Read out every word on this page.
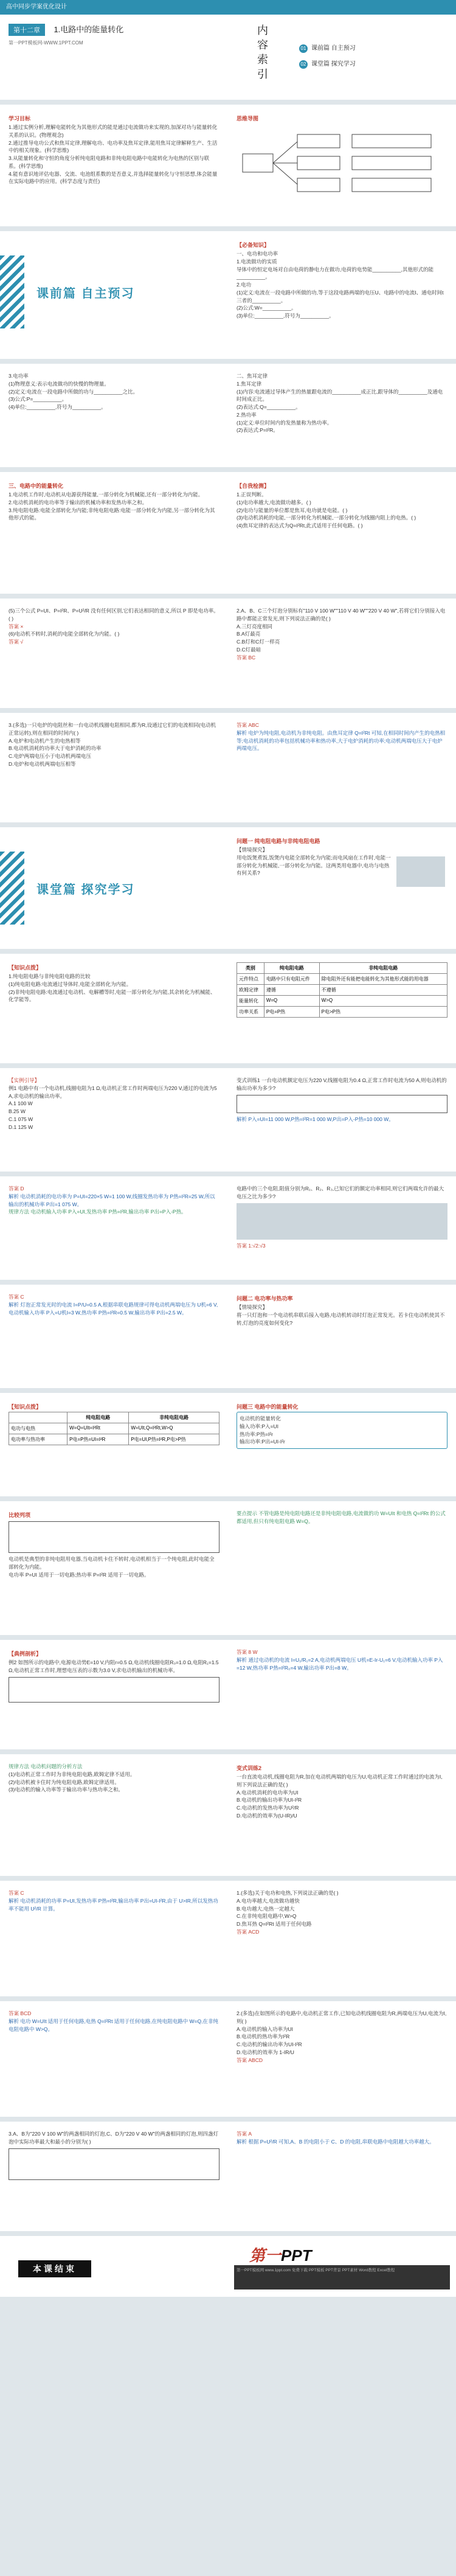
高中同步学案优化设计
第十二章 1.电路中的能量转化
第一PPT模板网-WWW.1PPT.COM	内容索引	01 课前篇 自主预习
02 课堂篇 探究学习
学习目标
1.通过实例分析,理解电能转化为其他形式的能是通过电流做功来实现的,加深对功与能量转化关系的认识。(物理观念)
2.通过推导电功公式和焦耳定律,理解电功、电功率及焦耳定律,能用焦耳定律解释生产、生活中的相关现象。(科学思维)
3.从能量转化和守恒的角度分析纯电阻电路和非纯电阻电路中电能转化为电热的区别与联系。(科学思维)
4.能有意识地评估电器、交流、电池组系数的是否意义,并选择能量转化与守恒思想,体会能量在实际电路中的应用。(科学态度与责任)
思维导图
课前篇 自主预习
【必备知识】
一、电功和电功率
1.电流做功的实质
导体中的恒定电场对自由电荷的静电力在做功,电荷的电势能__________,其他形式的能__________。
2.电功
(1)定义:电流在一段电路中所做的功,等于这段电路两端的电压U、电路中的电流I、通电时间t三者的__________。
(2)公式:W=__________。
(3)单位:__________,符号为__________。
3.电功率
(1)物理意义:表示电流做功的快慢的物理量。
(2)定义:电流在一段电路中所做的功与__________之比。
(3)公式:P=__________。
(4)单位:__________,符号为__________。
二、焦耳定律
1.焦耳定律
(1)内容:电流通过导体产生的热量跟电流的__________成正比,跟导体的__________及通电时间成正比。
(2)表达式:Q=__________。
2.热功率
(1)定义:单位时间内的发热量称为热功率。
(2)表达式:P=I²R。
三、电路中的能量转化
1.电动机工作时,电动机从电源获得能量,一部分转化为机械能,还有一部分转化为内能。
2.电动机消耗的电功率等于输出的机械功率和发热功率之和。
3.纯电阻电路:电能全部转化为内能;非纯电阻电路:电能一部分转化为内能,另一部分转化为其他形式的能。
【自我检测】
1.正误判断。
(1)电功率越大,电流做功越多。( )
(2)电功与能量的单位都是焦耳,电功就是电能。( )
(3)电动机消耗的电能,一部分转化为机械能,一部分转化为线圈内阻上的电热。( )
(4)焦耳定律的表达式为Q=I²Rt,此式适用于任何电路。( )
(5)三个公式 P=UI、P=I²R、P=U²/R 没有任何区别,它们表达相同的意义,所以 P 即是电功率。( )
答案 ×
(6)电动机不转时,消耗的电能全部转化为内能。( )
答案 √
2.A、B、C三个灯泡分别标有"110 V 100 W""110 V 40 W""220 V 40 W",若将它们分别接入电路中都能正常发光,则下列说法正确的是( )
A.三灯亮度相同
B.A灯最亮
C.B灯和C灯一样亮
D.C灯最暗
答案 BC
3.(多选)一只电炉的电阻丝和一台电动机线圈电阻相同,都为R,设通过它们的电流相同(电动机正常运转),则在相同的时间内( )
A.电炉和电动机产生的电热相等
B.电动机消耗的功率大于电炉消耗的功率
C.电炉两端电压小于电动机两端电压
D.电炉和电动机两端电压相等
答案 ABC
解析 电炉为纯电阻,电动机为非纯电阻。由焦耳定律 Q=I²Rt 可知,在相同时间内产生的电热相等;电动机消耗的功率包括机械功率和热功率,大于电炉消耗的功率;电动机两端电压大于电炉两端电压。
课堂篇 探究学习
问题一 纯电阻电路与非纯电阻电路
【情境探究】
用电饭煲煮饭,饭煲内电能全部转化为内能;而电风扇在工作时,电能一部分转化为机械能,一部分转化为内能。这两类用电器中,电功与电热有何关系?
【知识点拨】
1.纯电阻电路与非纯电阻电路的比较
(1)纯电阻电路:电流通过导体时,电能全部转化为内能。
(2)非纯电阻电路:电流通过电动机、电解槽等时,电能一部分转化为内能,其余转化为机械能、化学能等。
类别	纯电阻电路	非纯电阻电路
元件特点	电路中只有电阻元件	除电阻外还有能把电能转化为其他形式能的用电器
欧姆定律	遵循	不遵循
能量转化	W=Q	W>Q
功率关系	P电=P热	P电>P热
【实例引导】
例1 电路中有一个电动机,线圈电阻为1 Ω,电动机正常工作时两端电压为220 V,通过的电流为5 A,求电动机的输出功率。
A.1 100 W
B.25 W
C.1 075 W
D.1 125 W
变式训练1 一台电动机额定电压为220 V,线圈电阻为0.4 Ω,正常工作时电流为50 A,则电动机的输出功率为多少?
解析 P入=UI=11 000 W,P热=I²R=1 000 W,P出=P入-P热=10 000 W。
答案 D
解析 电动机消耗的电功率为 P=UI=220×5 W=1 100 W,线圈发热功率为 P热=I²R=25 W,所以输出的机械功率 P出=1 075 W。
规律方法 电动机输入功率 P入=UI,发热功率 P热=I²R,输出功率 P出=P入-P热。
电路中的三个电阻,阻值分别为R₁、R₂、R₃,已知它们的额定功率相同,则它们两端允许的最大电压之比为多少?
答案 1:√2:√3
答案 C
解析 灯泡正常发光时的电流 I=P/U=0.5 A,根据串联电路规律可得电动机两端电压为 U机=6 V,电动机输入功率 P入=U机I=3 W,热功率 P热=I²R=0.5 W,输出功率 P出=2.5 W。
问题二 电功率与热功率
【情境探究】
将一只灯泡和一个电动机串联后接入电路,电动机转动时灯泡正常发光。若卡住电动机使其不转,灯泡的亮度如何变化?
【知识点拨】
	纯电阻电路	非纯电阻电路
电功与电热	W=Q=UIt=I²Rt	W=UIt,Q=I²Rt,W>Q
电功率与热功率	P电=P热=UI=I²R	P电=UI,P热=I²R,P电>P热
问题三 电路中的能量转化
电动机的能量转化
输入功率:P入=UI
热功率:P热=I²r
输出功率:P出=UI-I²r
比较列项
电动机是典型的非纯电阻用电器,当电动机卡住不转时,电动机相当于一个纯电阻,此时电能全部转化为内能。
电功率 P=UI 适用于一切电路;热功率 P=I²R 适用于一切电路。
要点提示 不管电路是纯电阻电路还是非纯电阻电路,电流做的功 W=UIt 和电热 Q=I²Rt 的公式都适用,但只有纯电阻电路 W=Q。
【典例剖析】
例2 如图所示的电路中,电源电动势E=10 V,内阻r=0.5 Ω,电动机线圈电阻R₀=1.0 Ω,电阻R₁=1.5 Ω,电动机正常工作时,理想电压表的示数为3.0 V,求电动机输出的机械功率。
答案 8 W
解析 通过电动机的电流 I=U₁/R₁=2 A,电动机两端电压 U机=E-Ir-U₁=6 V,电动机输入功率 P入=12 W,热功率 P热=I²R₀=4 W,输出功率 P出=8 W。
规律方法 电动机问题的分析方法
(1)电动机正常工作时为非纯电阻电路,欧姆定律不适用。
(2)电动机被卡住时为纯电阻电路,欧姆定律适用。
(3)电动机的输入功率等于输出功率与热功率之和。
变式训练2
一台直流电动机,线圈电阻为R,加在电动机两端的电压为U,电动机正常工作时通过的电流为I,则下列说法正确的是( )
A.电动机消耗的电功率为UI
B.电动机的输出功率为UI-I²R
C.电动机的发热功率为U²/R
D.电动机的效率为(U-IR)/U
答案 C
解析 电动机消耗的功率 P=UI,发热功率 P热=I²R,输出功率 P出=UI-I²R,由于 U>IR,所以发热功率不能用 U²/R 计算。
1.(多选)关于电功和电热,下列说法正确的是( )
A.电功率越大,电流做功越快
B.电功越大,电热一定越大
C.在非纯电阻电路中,W>Q
D.焦耳热 Q=I²Rt 适用于任何电路
答案 ACD
答案 BCD
解析 电功 W=UIt 适用于任何电路,电热 Q=I²Rt 适用于任何电路,在纯电阻电路中 W=Q,在非纯电阻电路中 W>Q。
2.(多选)在如图所示的电路中,电动机正常工作,已知电动机线圈电阻为R,两端电压为U,电流为I,则( )
A.电动机的输入功率为UI
B.电动机的热功率为I²R
C.电动机的输出功率为UI-I²R
D.电动机的效率为 1-IR/U
答案 ABCD
3.A、B为"220 V 100 W"的两盏相同的灯泡,C、D为"220 V 40 W"的两盏相同的灯泡,则四盏灯泡中实际功率最大和最小的分别为( )
答案 A
解析 根据 P=U²/R 可知,A、B 的电阻小于 C、D 的电阻,串联电路中电阻越大功率越大。
本课结束
第一PPT
第一PPT模板网 www.1ppt.com 免费下载 PPT模板 PPT背景 PPT素材 Word教程 Excel教程
